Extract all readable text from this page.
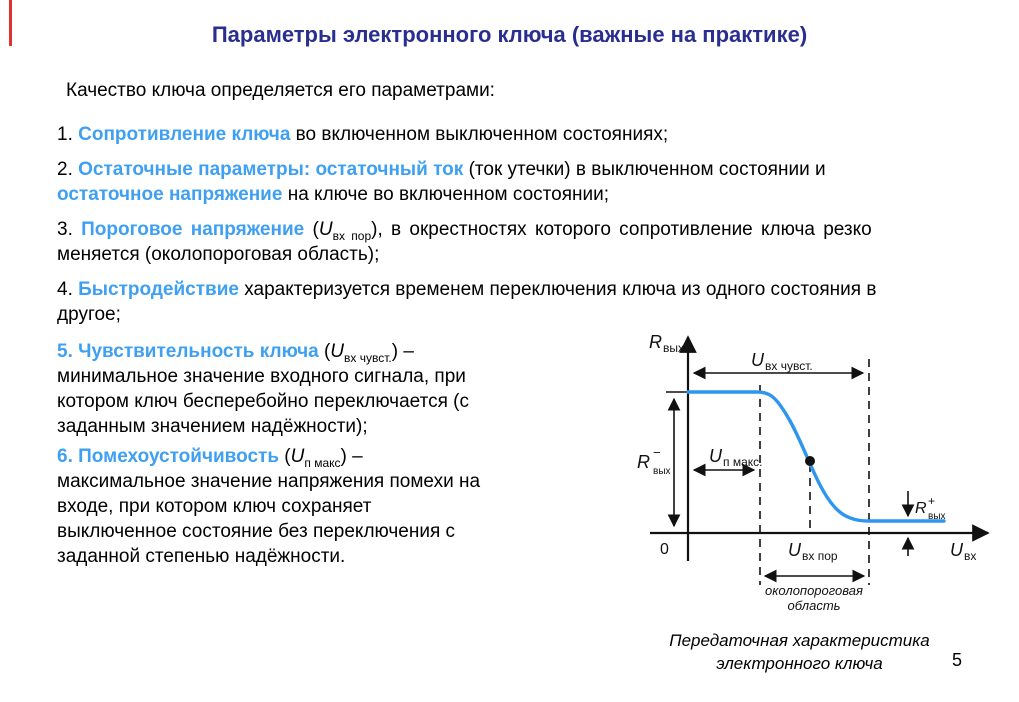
Параметры электронного ключа (важные на практике)
Качество ключа определяется его параметрами:

1. Сопротивление ключа во включенном выключенном состояниях;

2. Остаточные параметры: остаточный ток (ток утечки) в выключенном состоянии и
остаточное напряжение на ключе во включенном состоянии;

3. Пороговое напряжение $(U_{вх пор})$, в окрестностях которого сопротивление ключа резко
меняется (околопороговая область);

4. Быстродействие характеризуется временем переключения ключа из одного состояния в
другое;

5. Чувствительность ключа $(U_{вх чувст.})$ –
минимальное значение входного сигнала, при
котором ключ бесперебойно переключается (с
заданным значением надёжности);

6. Помехоустойчивость $(U_{п макс})$ –
максимальное значение напряжения помехи на
входе, при котором ключ сохраняет
выключенное состояние без переключения с
заданной степенью надёжности.

R вых
U вх чувст.
U п макс.
R −
вых
R +
вых
0	U вх пор	U вх
околопороговая
область
Передаточная характеристика
электронного ключа	5
